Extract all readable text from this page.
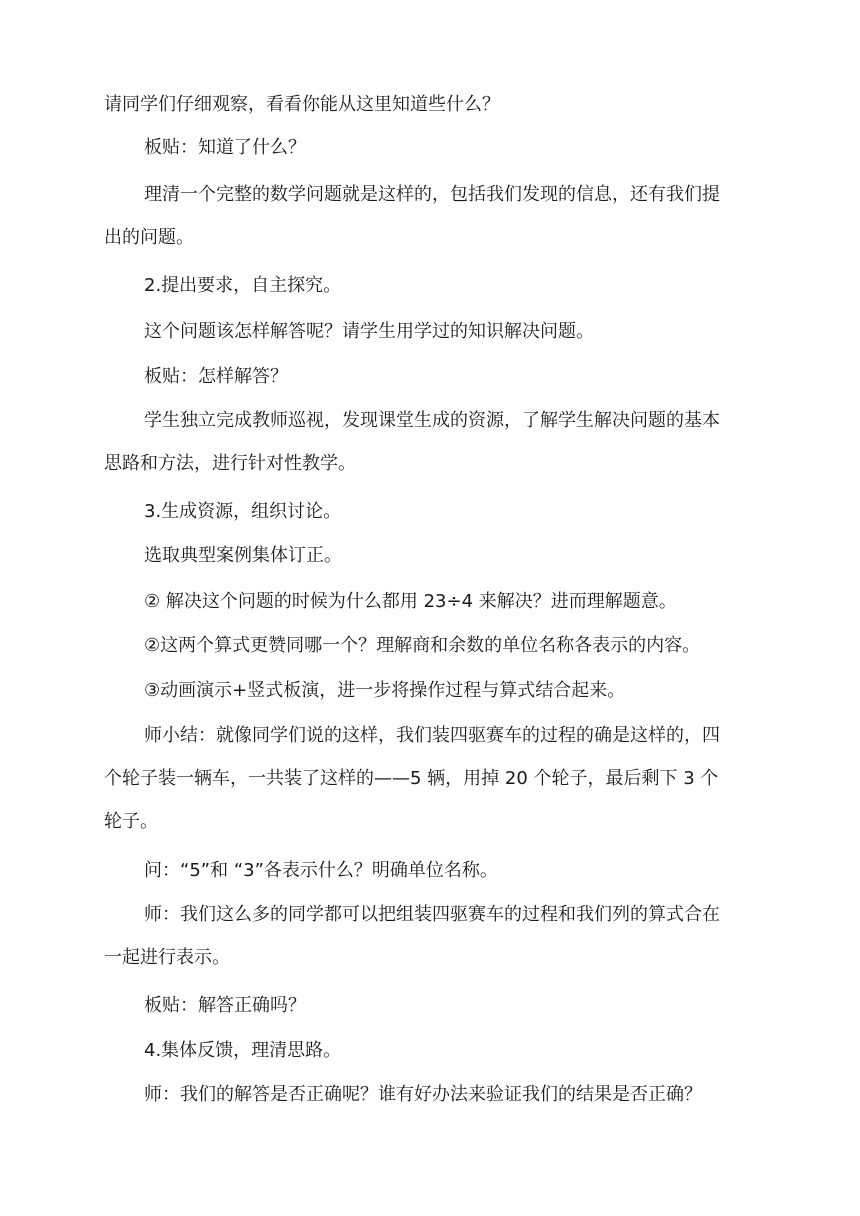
请同学们仔细观察，看看你能从这里知道些什么？

板贴：知道了什么？

理清一个完整的数学问题就是这样的，包括我们发现的信息，还有我们提
出的问题。

2.提出要求，自主探究。

这个问题该怎样解答呢？请学生用学过的知识解决问题。

板贴：怎样解答？

学生独立完成教师巡视，发现课堂生成的资源，了解学生解决问题的基本
思路和方法，进行针对性教学。

3.生成资源，组织讨论。

选取典型案例集体订正。

② 解决这个问题的时候为什么都用 23÷4 来解决？进而理解题意。

②这两个算式更赞同哪一个？理解商和余数的单位名称各表示的内容。

③动画演示+竖式板演，进一步将操作过程与算式结合起来。

师小结：就像同学们说的这样，我们装四驱赛车的过程的确是这样的，四
个轮子装一辆车，一共装了这样的——5 辆，用掉 20 个轮子，最后剩下 3 个
轮子。

问：“5”和 “3”各表示什么？明确单位名称。

师：我们这么多的同学都可以把组装四驱赛车的过程和我们列的算式合在
一起进行表示。

板贴：解答正确吗？

4.集体反馈，理清思路。

师：我们的解答是否正确呢？谁有好办法来验证我们的结果是否正确？
